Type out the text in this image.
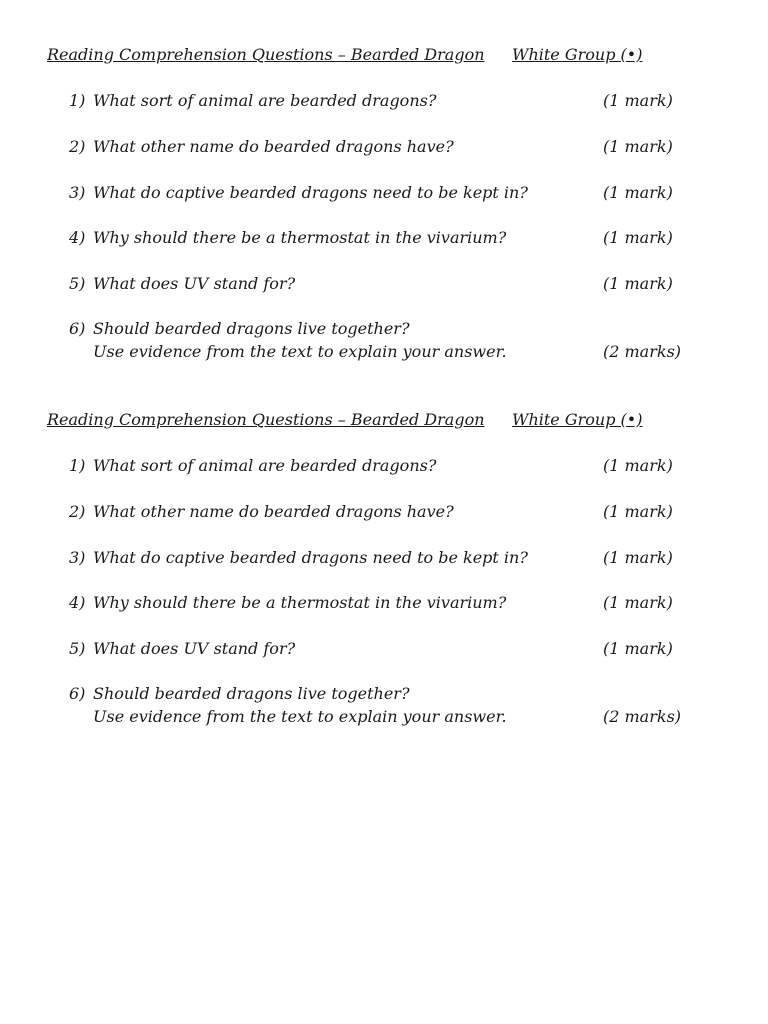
Reading Comprehension Questions – Bearded Dragon White Group (•)
1) What sort of animal are bearded dragons?	(1 mark)
2) What other name do bearded dragons have?	(1 mark)
3) What do captive bearded dragons need to be kept in?	(1 mark)
4) Why should there be a thermostat in the vivarium?	(1 mark)
5) What does UV stand for?	(1 mark)
6) Should bearded dragons live together?
Use evidence from the text to explain your answer.	(2 marks)
Reading Comprehension Questions – Bearded Dragon White Group (•)
1) What sort of animal are bearded dragons?	(1 mark)
2) What other name do bearded dragons have?	(1 mark)
3) What do captive bearded dragons need to be kept in?	(1 mark)
4) Why should there be a thermostat in the vivarium?	(1 mark)
5) What does UV stand for?	(1 mark)
6) Should bearded dragons live together?
Use evidence from the text to explain your answer.	(2 marks)
